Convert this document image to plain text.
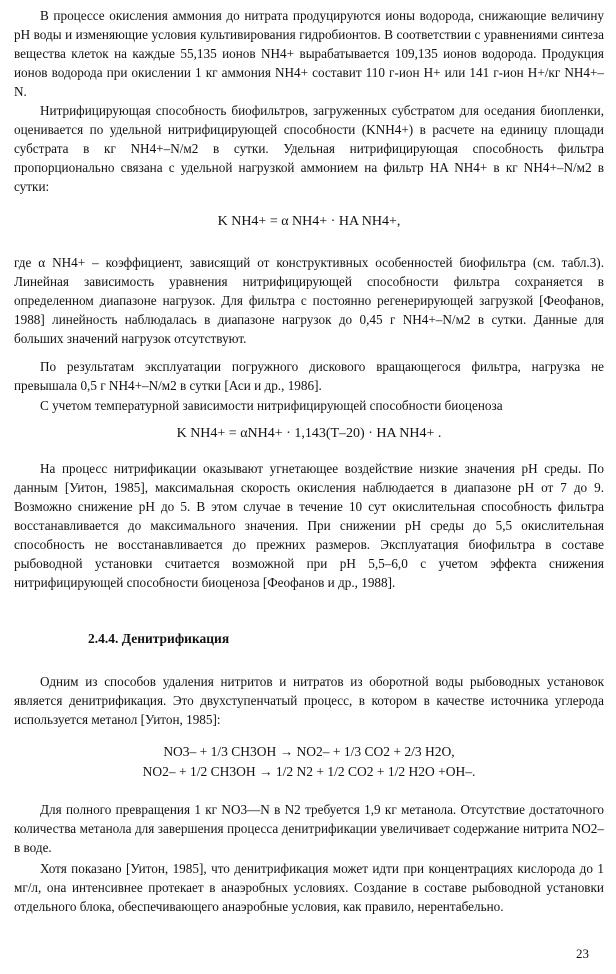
В процессе окисления аммония до нитрата продуцируются ионы водорода, снижающие величину pH воды и изменяющие условия культивирования гидробионтов. В соответствии с уравнениями синтеза вещества клеток на каждые 55,135 ионов NH4+ вырабатывается 109,135 ионов водорода. Продукция ионов водорода при окислении 1 кг аммония NH4+ составит 110 г-ион H+ или 141 г-ион H+/кг NH4+–N.

Нитрифицирующая способность биофильтров, загруженных субстратом для оседания биопленки, оценивается по удельной нитрифицирующей способности (KNH4+) в расчете на единицу площади субстрата в кг NH4+–N/м2 в сутки. Удельная нитрифицирующая способность фильтра пропорционально связана с удельной нагрузкой аммонием на фильтр HA NH4+ в кг NH4+–N/м2 в сутки:

K NH4+ = α NH4+ · HA NH4+,

где α NH4+ – коэффициент, зависящий от конструктивных особенностей биофильтра (см. табл.3). Линейная зависимость уравнения нитрифицирующей способности фильтра сохраняется в определенном диапазоне нагрузок. Для фильтра с постоянно регенерирующей загрузкой [Феофанов, 1988] линейность наблюдалась в диапазоне нагрузок до 0,45 г NH4+–N/м2 в сутки. Данные для больших значений нагрузок отсутствуют.

По результатам эксплуатации погружного дискового вращающегося фильтра, нагрузка не превышала 0,5 г NH4+–N/м2 в сутки [Аси и др., 1986].

С учетом температурной зависимости нитрифицирующей способности биоценоза

K NH4+ = αNH4+ · 1,143(T–20) · HA NH4+ .

На процесс нитрификации оказывают угнетающее воздействие низкие значения pH среды. По данным [Уитон, 1985], максимальная скорость окисления наблюдается в диапазоне pH от 7 до 9. Возможно снижение pH до 5. В этом случае в течение 10 сут окислительная способность фильтра восстанавливается до максимального значения. При снижении pH среды до 5,5 окислительная способность не восстанавливается до прежних размеров. Эксплуатация биофильтра в составе рыбоводной установки считается возможной при pH 5,5–6,0 с учетом эффекта снижения нитрифицирующей способности биоценоза [Феофанов и др., 1988].

2.4.4. Денитрификация

Одним из способов удаления нитритов и нитратов из оборотной воды рыбоводных установок является денитрификация. Это двухступенчатый процесс, в котором в качестве источника углерода используется метанол [Уитон, 1985]:

NO3– + 1/3 CH3OH → NO2– + 1/3 CO2 + 2/3 H2O,
NO2– + 1/2 CH3OH → 1/2 N2 + 1/2 CO2 + 1/2 H2O +OH–.

Для полного превращения 1 кг NO3––N в N2 требуется 1,9 кг метанола. Отсутствие достаточного количества метанола для завершения процесса денитрификации увеличивает содержание нитрита NO2– в воде.

Хотя показано [Уитон, 1985], что денитрификация может идти при концентрациях кислорода до 1 мг/л, она интенсивнее протекает в анаэробных условиях. Создание в составе рыбоводной установки отдельного блока, обеспечивающего анаэробные условия, как правило, нерентабельно.

23
